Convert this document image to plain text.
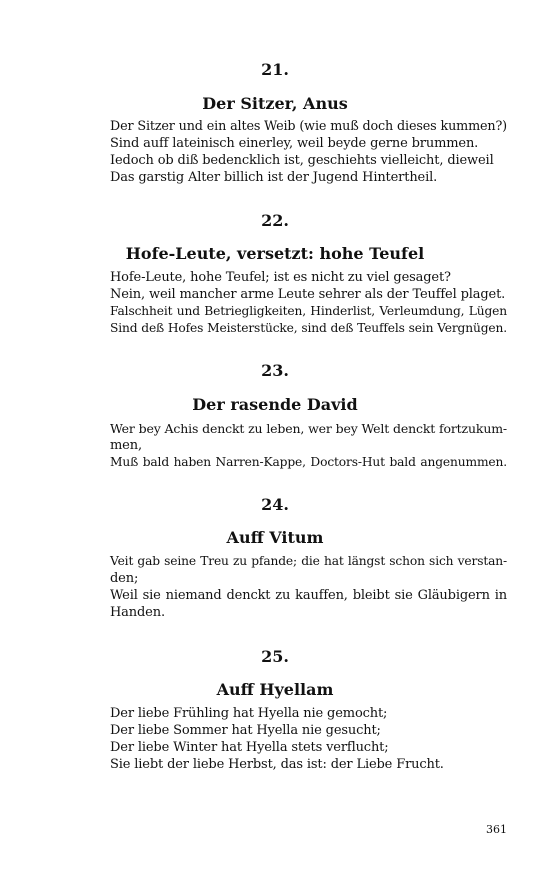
21.
Der Sitzer, Anus
Der Sitzer und ein altes Weib (wie muß doch dieses kummen?)
Sind auff lateinisch einerley, weil beyde gerne brummen.
Iedoch ob diß bedencklich ist, geschiehts vielleicht, dieweil
Das garstig Alter billich ist der Jugend Hintertheil.
22.
Hofe-Leute, versetzt: hohe Teufel
Hofe-Leute, hohe Teufel; ist es nicht zu viel gesaget?
Nein, weil mancher arme Leute sehrer als der Teuffel plaget.
Falschheit und Betriegligkeiten, Hinderlist, Verleumdung, Lügen
Sind deß Hofes Meisterstücke, sind deß Teuffels sein Vergnügen.
23.
Der rasende David
Wer bey Achis denckt zu leben, wer bey Welt denckt fortzukum-
men,
Muß bald haben Narren-Kappe, Doctors-Hut bald angenummen.
24.
Auff Vitum
Veit gab seine Treu zu pfande; die hat längst schon sich verstan-
den;
Weil sie niemand denckt zu kauffen, bleibt sie Gläubigern in
Handen.
25.
Auff Hyellam
Der liebe Frühling hat Hyella nie gemocht;
Der liebe Sommer hat Hyella nie gesucht;
Der liebe Winter hat Hyella stets verflucht;
Sie liebt der liebe Herbst, das ist: der Liebe Frucht.
361
